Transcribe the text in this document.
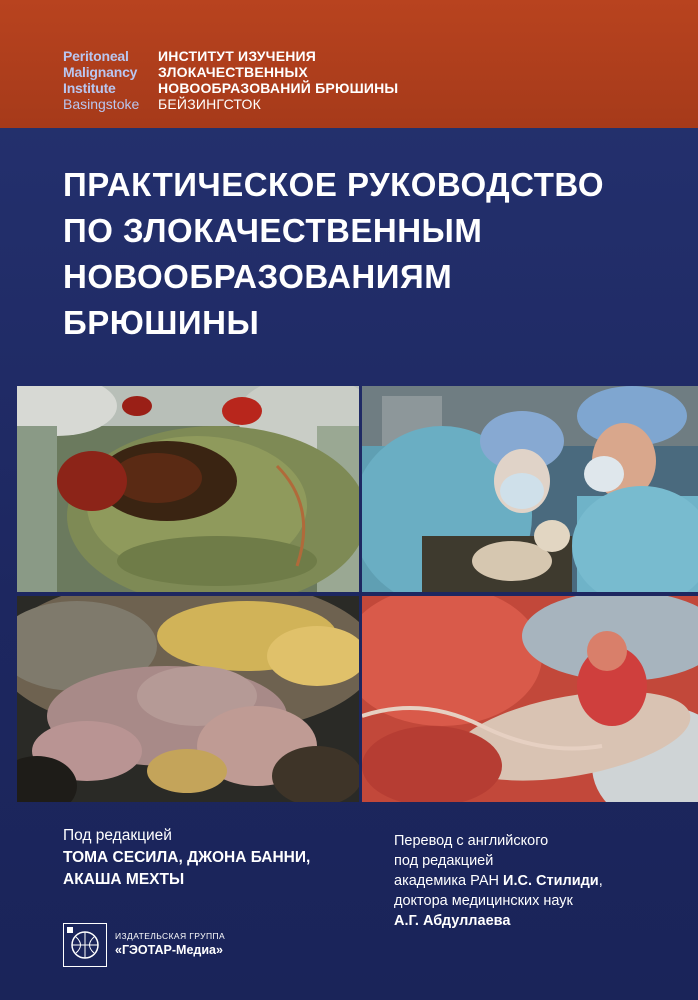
Peritoneal
Malignancy
Institute
Basingstoke
ИНСТИТУТ ИЗУЧЕНИЯ
ЗЛОКАЧЕСТВЕННЫХ
НОВООБРАЗОВАНИЙ БРЮШИНЫ
БЕЙЗИНГСТОК
ПРАКТИЧЕСКОЕ РУКОВОДСТВО
ПО ЗЛОКАЧЕСТВЕННЫМ
НОВООБРАЗОВАНИЯМ
БРЮШИНЫ
Под редакцией
ТОМА СЕСИЛА, ДЖОНА БАННИ,
АКАША МЕХТЫ
Перевод с английского
под редакцией
академика РАН И.С. Стилиди,
доктора медицинских наук
А.Г. Абдуллаева
ИЗДАТЕЛЬСКАЯ ГРУППА
«ГЭОТАР-Медиа»
